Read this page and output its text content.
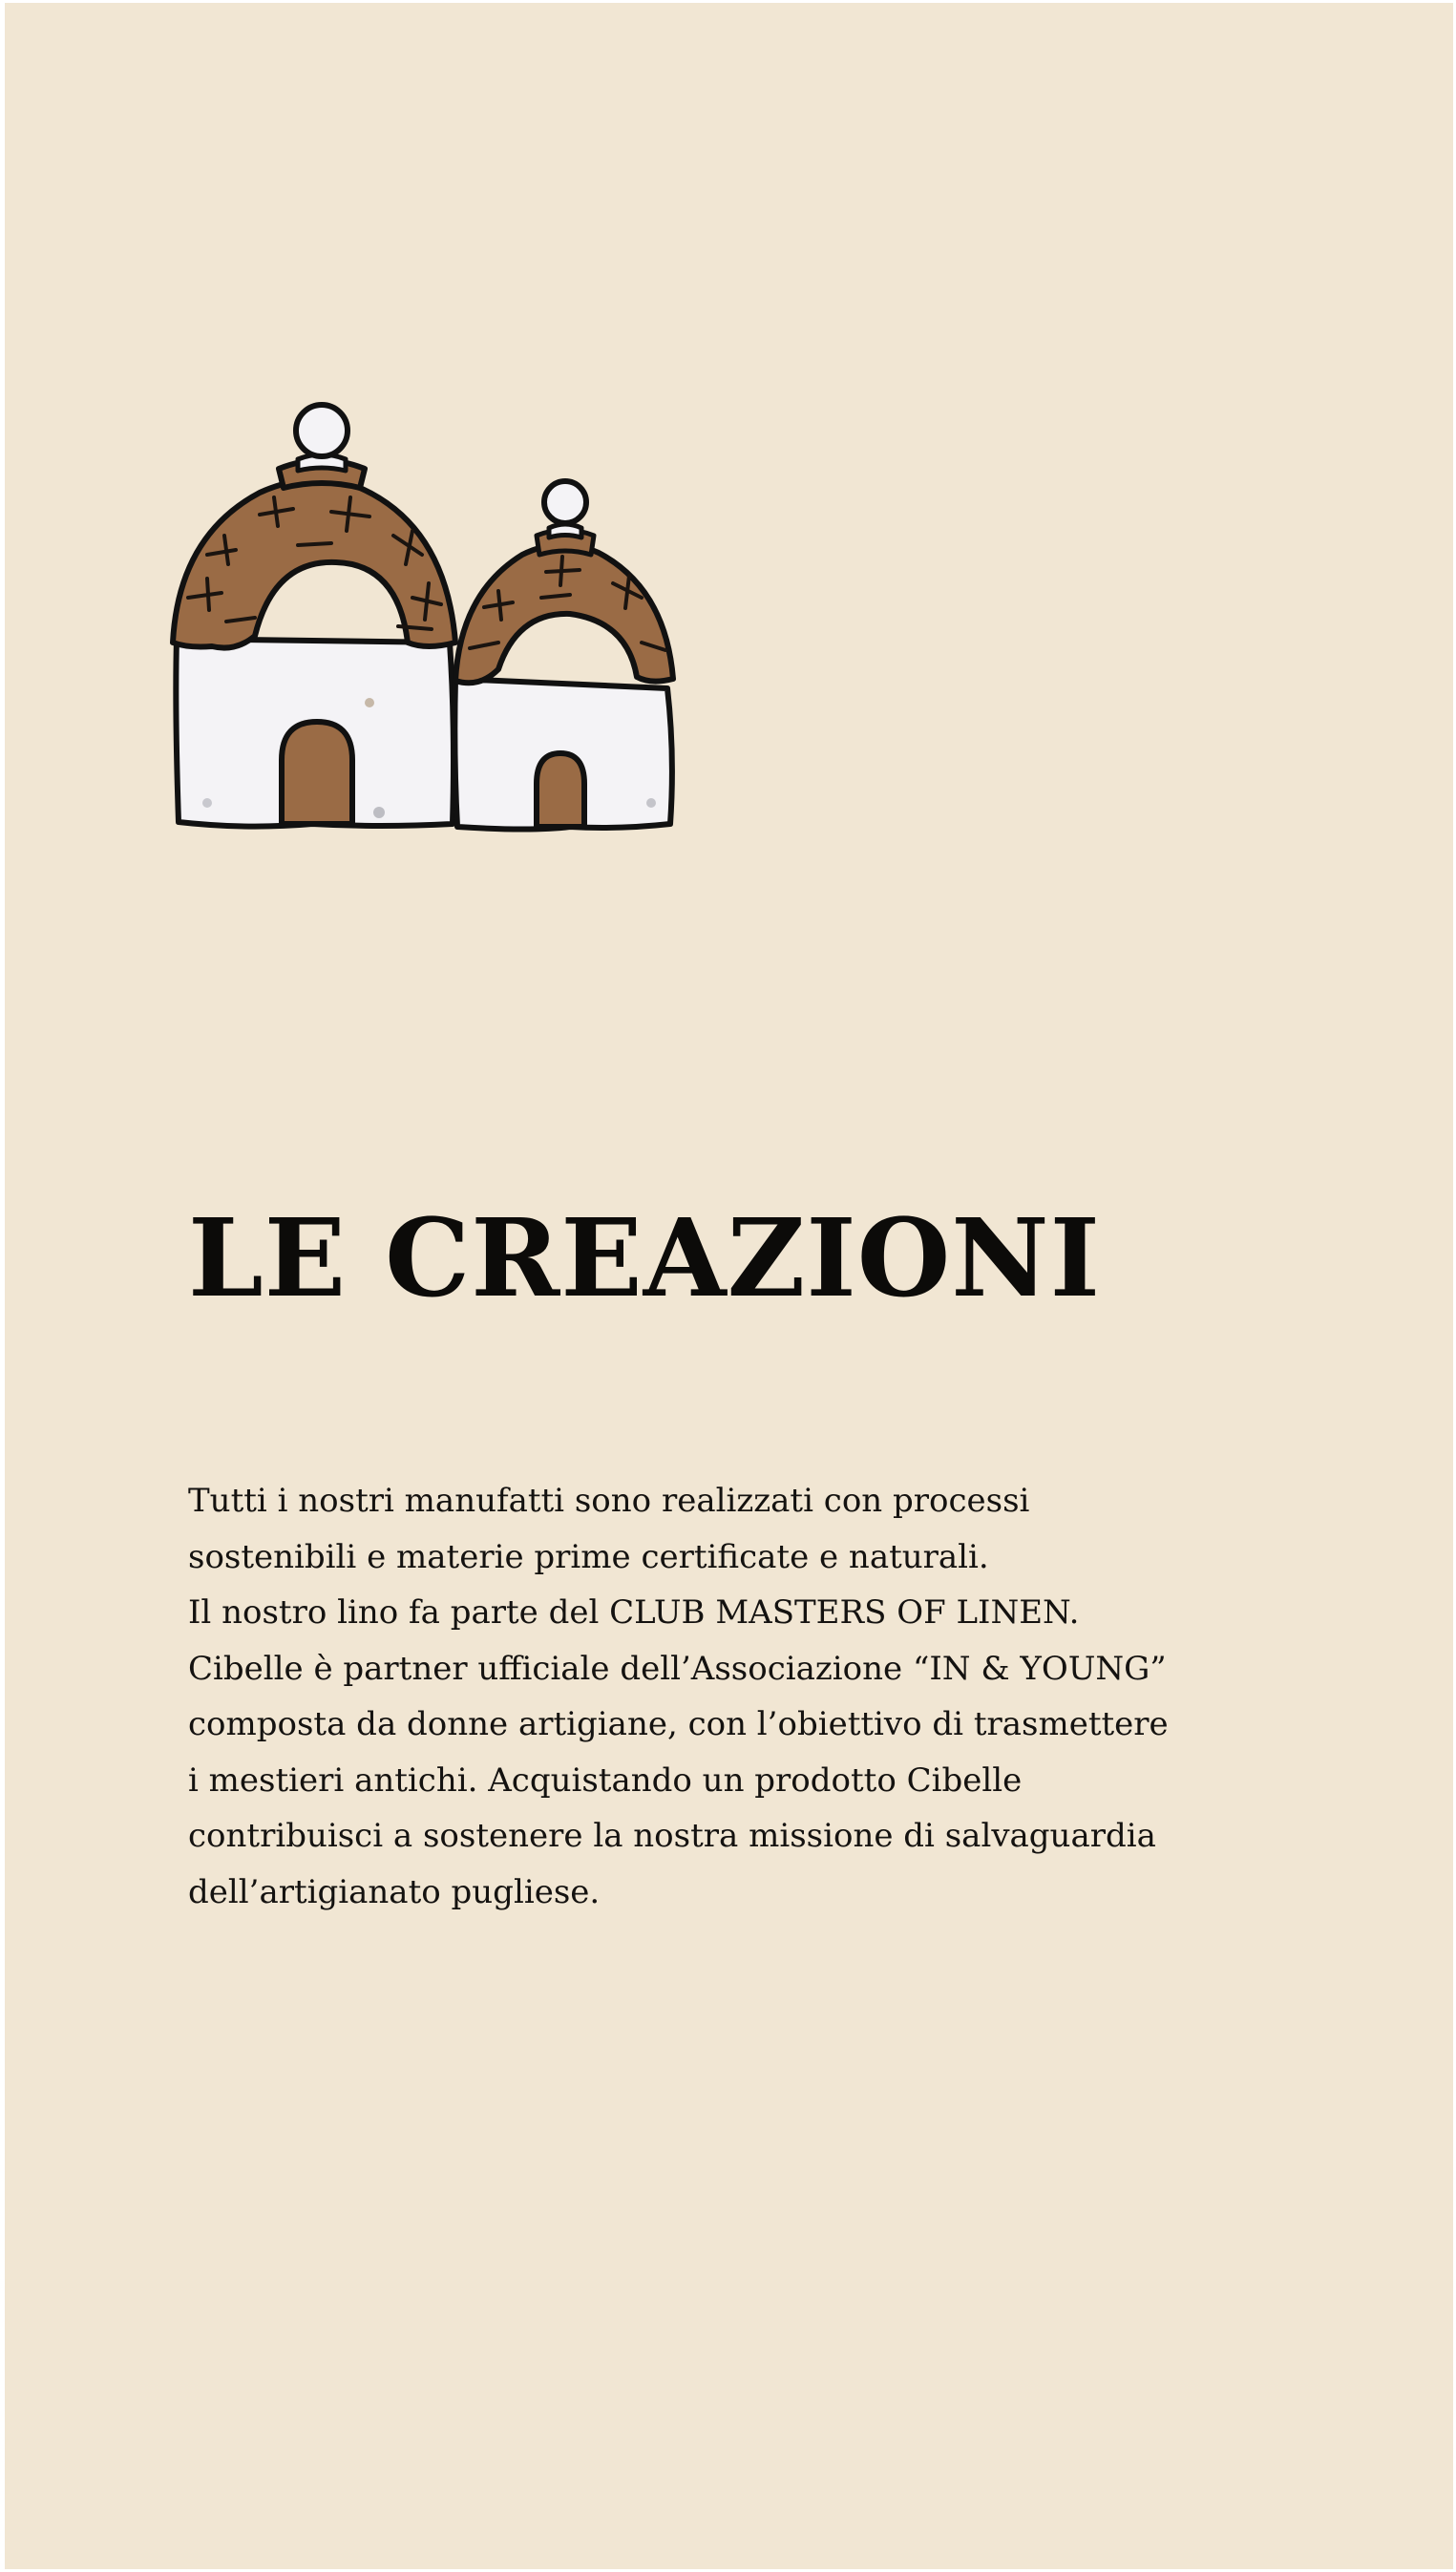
LE CREAZIONI

Tutti i nostri manufatti sono realizzati con processi

sostenibili e materie prime certificate e naturali.

Il nostro lino fa parte del CLUB MASTERS OF LINEN.

Cibelle è partner ufficiale dell’Associazione “IN & YOUNG”

composta da donne artigiane, con l’obiettivo di trasmettere

i mestieri antichi. Acquistando un prodotto Cibelle

contribuisci a sostenere la nostra missione di salvaguardia

dell’artigianato pugliese.
